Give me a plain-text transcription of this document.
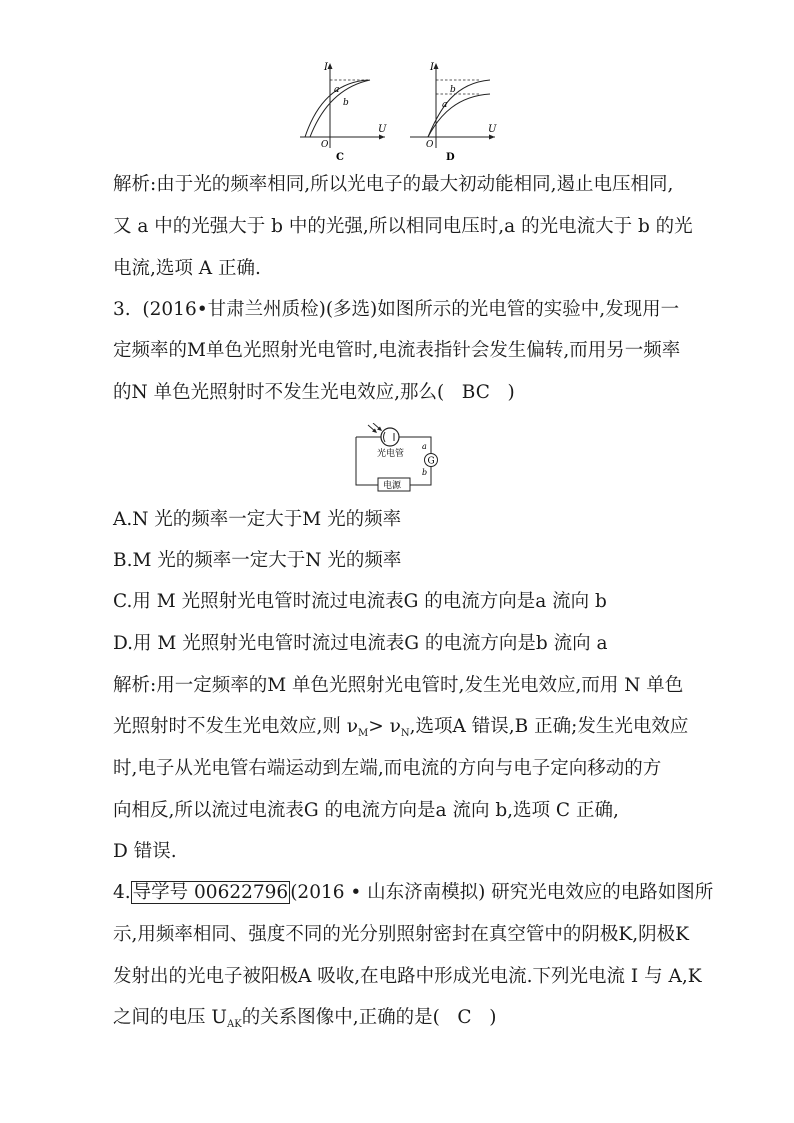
I
U
O
a
b
C
I
U
O
b
a
D
解析:由于光的频率相同,所以光电子的最大初动能相同,遏止电压相同,
又 a 中的光强大于 b 中的光强,所以相同电压时,a 的光电流大于 b 的光
电流,选项 A 正确.
3.  (2016•甘肃兰州质检)(多选)如图所示的光电管的实验中,发现用一
定频率的M单色光照射光电管时,电流表指针会发生偏转,而用另一频率
的N 单色光照射时不发生光电效应,那么(   BC   )
光电管
G
a
b
电源
A.N 光的频率一定大于M 光的频率
B.M 光的频率一定大于N 光的频率
C.用 M 光照射光电管时流过电流表G 的电流方向是a 流向 b
D.用 M 光照射光电管时流过电流表G 的电流方向是b 流向 a
解析:用一定频率的M 单色光照射光电管时,发生光电效应,而用 N 单色
光照射时不发生光电效应,则 $\nu_M> \nu_N$,选项A 错误,B 正确;发生光电效应
时,电子从光电管右端运动到左端,而电流的方向与电子定向移动的方
向相反,所以流过电流表G 的电流方向是a 流向 b,选项 C 正确,
D 错误.
4. 导学号 00622796 (2016 • 山东济南模拟) 研究光电效应的电路如图所
示,用频率相同、强度不同的光分别照射密封在真空管中的阴极K,阴极K
发射出的光电子被阳极A 吸收,在电路中形成光电流.下列光电流 I 与 A,K
之间的电压 $U_{AK}$的关系图像中,正确的是(   C   )
